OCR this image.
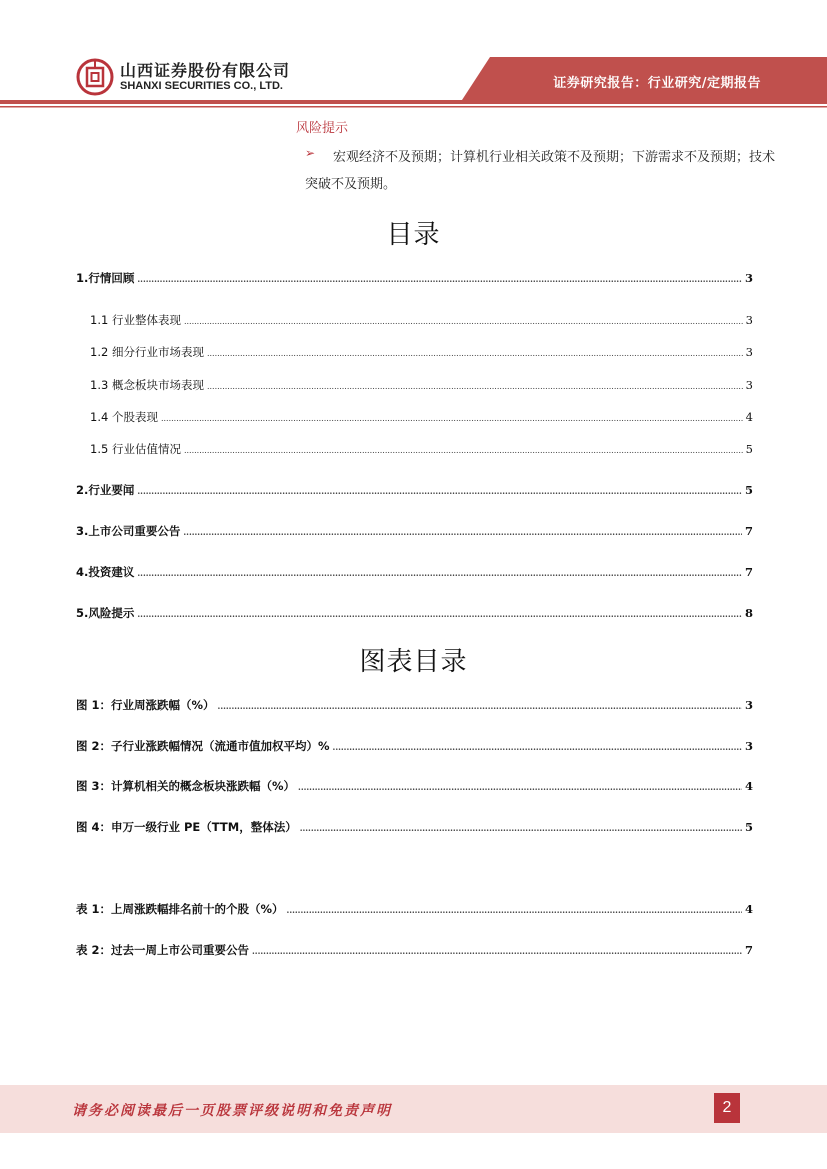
山西证券股份有限公司
SHANXI SECURITIES CO., LTD.	证券研究报告：行业研究/定期报告
风险提示
➢	宏观经济不及预期；计算机行业相关政策不及预期；下游需求不及预期；技术突破不及预期。
目录
1.行情回顾 .....	3
1.1 行业整体表现 .....	3
1.2 细分行业市场表现 .....	3
1.3 概念板块市场表现 .....	3
1.4 个股表现 .....	4
1.5 行业估值情况 .....	5
2.行业要闻 .....	5
3.上市公司重要公告 .....	7
4.投资建议 .....	7
5.风险提示 .....	8
图表目录
图 1：行业周涨跌幅（%） .....	3
图 2：子行业涨跌幅情况（流通市值加权平均）% .....	3
图 3：计算机相关的概念板块涨跌幅（%） .....	4
图 4：申万一级行业 PE（TTM，整体法） .....	5
表 1：上周涨跌幅排名前十的个股（%） .....	4
表 2：过去一周上市公司重要公告 .....	7
请务必阅读最后一页股票评级说明和免责声明	2
